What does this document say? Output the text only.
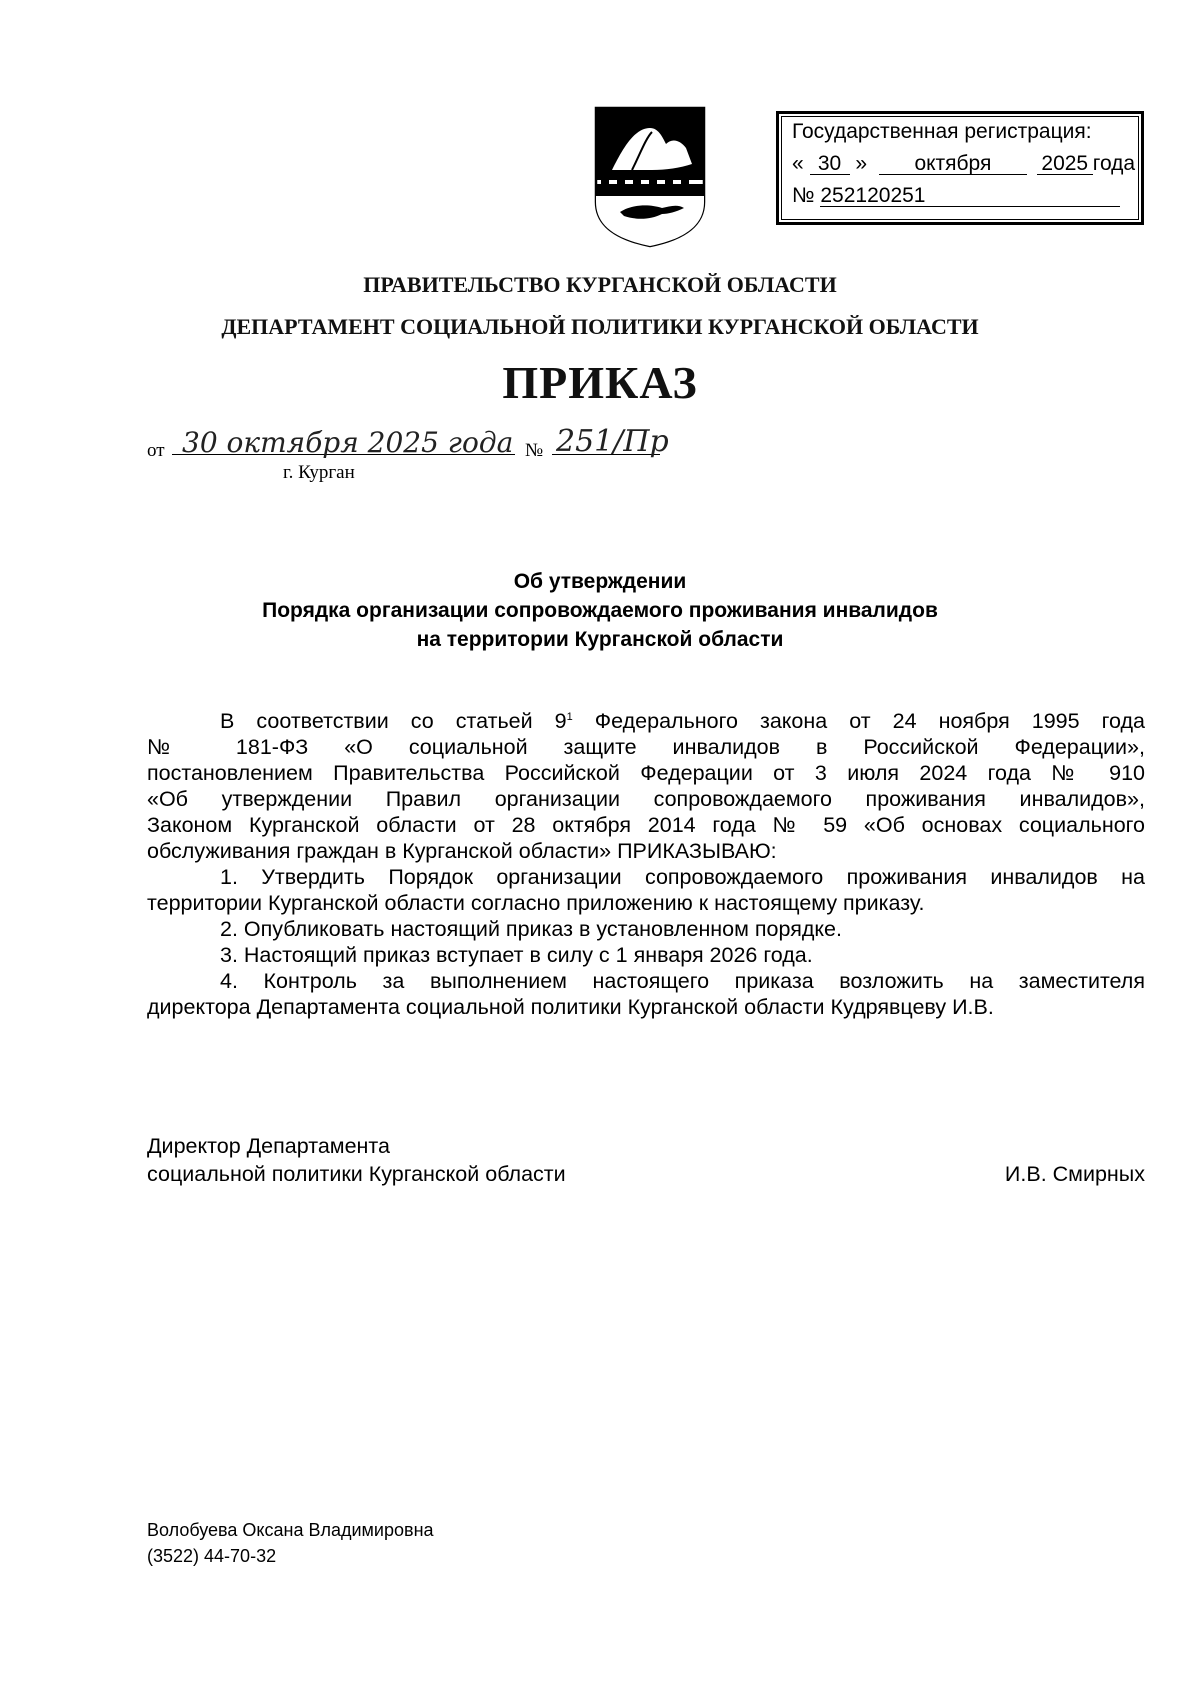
Государственная регистрация:
« 30 » октября 2025 года
№ 252120251
ПРАВИТЕЛЬСТВО КУРГАНСКОЙ ОБЛАСТИ
ДЕПАРТАМЕНТ СОЦИАЛЬНОЙ ПОЛИТИКИ КУРГАНСКОЙ ОБЛАСТИ
ПРИКАЗ
от 30 октября 2025 года № 251/Пр
г. Курган
Об утверждении
Порядка организации сопровождаемого проживания инвалидов
на территории Курганской области
В соответствии со статьей $9^1$ Федерального закона от 24 ноября 1995 года
№ 181-ФЗ «О социальной защите инвалидов в Российской Федерации»,
постановлением Правительства Российской Федерации от 3 июля 2024 года № 910
«Об утверждении Правил организации сопровождаемого проживания инвалидов»,
Законом Курганской области от 28 октября 2014 года № 59 «Об основах социального
обслуживания граждан в Курганской области» ПРИКАЗЫВАЮ:
1. Утвердить Порядок организации сопровождаемого проживания инвалидов на
территории Курганской области согласно приложению к настоящему приказу.
2. Опубликовать настоящий приказ в установленном порядке.
3. Настоящий приказ вступает в силу с 1 января 2026 года.
4. Контроль за выполнением настоящего приказа возложить на заместителя
директора Департамента социальной политики Курганской области Кудрявцеву И.В.
Директор Департамента
социальной политики Курганской области	И.В. Смирных
Волобуева Оксана Владимировна
(3522) 44-70-32
